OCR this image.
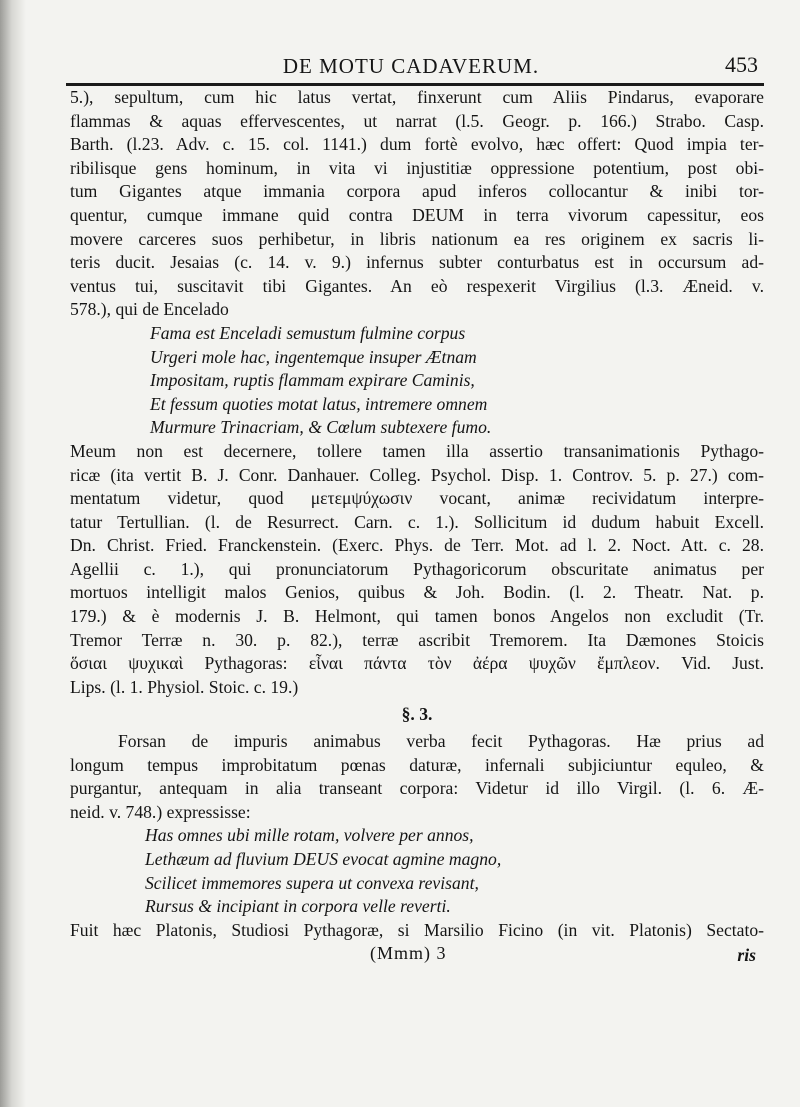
DE MOTU CADAVERUM.	453
5.), sepultum, cum hic latus vertat, finxerunt cum Aliis Pindarus, evaporare
flammas & aquas effervescentes, ut narrat (l.5. Geogr. p. 166.) Strabo. Casp.
Barth. (l.23. Adv. c. 15. col. 1141.) dum fortè evolvo, hæc offert: Quod impia ter-
ribilisque gens hominum, in vita vi injustitiæ oppressione potentium, post obi-
tum Gigantes atque immania corpora apud inferos collocantur & inibi tor-
quentur, cumque immane quid contra DEUM in terra vivorum capessitur, eos
movere carceres suos perhibetur, in libris nationum ea res originem ex sacris li-
teris ducit. Jesaias (c. 14. v. 9.) infernus subter conturbatus est in occursum ad-
ventus tui, suscitavit tibi Gigantes. An eò respexerit Virgilius (l.3. Æneid. v.
578.), qui de Encelado
Fama est Enceladi semustum fulmine corpus
Urgeri mole hac, ingentemque insuper Ætnam
Impositam, ruptis flammam expirare Caminis,
Et fessum quoties motat latus, intremere omnem
Murmure Trinacriam, & Cœlum subtexere fumo.
Meum non est decernere, tollere tamen illa assertio transanimationis Pythago-
ricæ (ita vertit B. J. Conr. Danhauer. Colleg. Psychol. Disp. 1. Controv. 5. p. 27.) com-
mentatum videtur, quod μετεμψύχωσιν vocant, animæ recividatum interpre-
tatur Tertullian. (l. de Resurrect. Carn. c. 1.). Sollicitum id dudum habuit Excell.
Dn. Christ. Fried. Franckenstein. (Exerc. Phys. de Terr. Mot. ad l. 2. Noct. Att. c. 28.
Agellii c. 1.), qui pronunciatorum Pythagoricorum obscuritate animatus per
mortuos intelligit malos Genios, quibus & Joh. Bodin. (l. 2. Theatr. Nat. p.
179.) & è modernis J. B. Helmont, qui tamen bonos Angelos non excludit (Tr.
Tremor Terræ n. 30. p. 82.), terræ ascribit Tremorem. Ita Dæmones Stoicis
ὅσιαι ψυχικαὶ Pythagoras: εἶναι πάντα τὸν ἀέρα ψυχῶν ἔμπλεον. Vid. Just.
Lips. (l. 1. Physiol. Stoic. c. 19.)
§. 3.
Forsan de impuris animabus verba fecit Pythagoras. Hæ prius ad
longum tempus improbitatum pœnas daturæ, infernali subjiciuntur equleo, &
purgantur, antequam in alia transeant corpora: Videtur id illo Virgil. (l. 6. Æ-
neid. v. 748.) expressisse:
Has omnes ubi mille rotam, volvere per annos,
Lethæum ad fluvium DEUS evocat agmine magno,
Scilicet immemores supera ut convexa revisant,
Rursus & incipiant in corpora velle reverti.
Fuit hæc Platonis, Studiosi Pythagoræ, si Marsilio Ficino (in vit. Platonis) Sectato-
(Mmm) 3	ris
